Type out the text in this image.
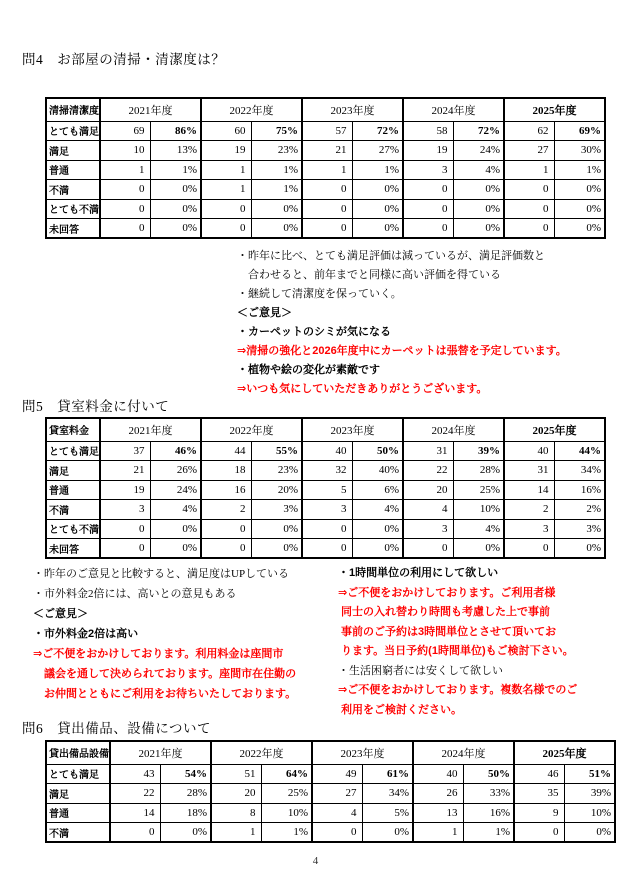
問4　お部屋の清掃・清潔度は？
清掃清潔度	2021年度		2022年度		2023年度		2024年度		2025年度	
とても満足	69	86%	60	75%	57	72%	58	72%	62	69%
満足	10	13%	19	23%	21	27%	19	24%	27	30%
普通	1	1%	1	1%	1	1%	3	4%	1	1%
不満	0	0%	1	1%	0	0%	0	0%	0	0%
とても不満	0	0%	0	0%	0	0%	0	0%	0	0%
未回答	0	0%	0	0%	0	0%	0	0%	0	0%
・昨年に比べ、とても満足評価は減っているが、満足評価数と
　合わせると、前年までと同様に高い評価を得ている
・継続して清潔度を保っていく。
＜ご意見＞
・カーペットのシミが気になる
⇒清掃の強化と2026年度中にカーペットは張替を予定しています。
・植物や絵の変化が素敵です
⇒いつも気にしていただきありがとうございます。
問5　貸室料金に付いて
貸室料金	2021年度		2022年度		2023年度		2024年度		2025年度	
とても満足	37	46%	44	55%	40	50%	31	39%	40	44%
満足	21	26%	18	23%	32	40%	22	28%	31	34%
普通	19	24%	16	20%	5	6%	20	25%	14	16%
不満	3	4%	2	3%	3	4%	4	10%	2	2%
とても不満	0	0%	0	0%	0	0%	3	4%	3	3%
未回答	0	0%	0	0%	0	0%	0	0%	0	0%
・昨年のご意見と比較すると、満足度はUPしている
・市外料金2倍には、高いとの意見もある
＜ご意見＞
・市外料金2倍は高い
⇒ご不便をおかけしております。利用料金は座間市
　議会を通して決められております。座間市在住勤の
　お仲間とともにご利用をお待ちいたしております。
・1時間単位の利用にして欲しい
⇒ご不便をおかけしております。ご利用者様
同士の入れ替わり時間も考慮した上で事前
事前のご予約は3時間単位とさせて頂いてお
ります。当日予約(1時間単位)もご検討下さい。
・生活困窮者には安くして欲しい
⇒ご不便をおかけしております。複数名様でのご
利用をご検討ください。
問6　貸出備品、設備について
貸出備品設備	2021年度		2022年度		2023年度		2024年度		2025年度	
とても満足	43	54%	51	64%	49	61%	40	50%	46	51%
満足	22	28%	20	25%	27	34%	26	33%	35	39%
普通	14	18%	8	10%	4	5%	13	16%	9	10%
不満	0	0%	1	1%	0	0%	1	1%	0	0%
4
